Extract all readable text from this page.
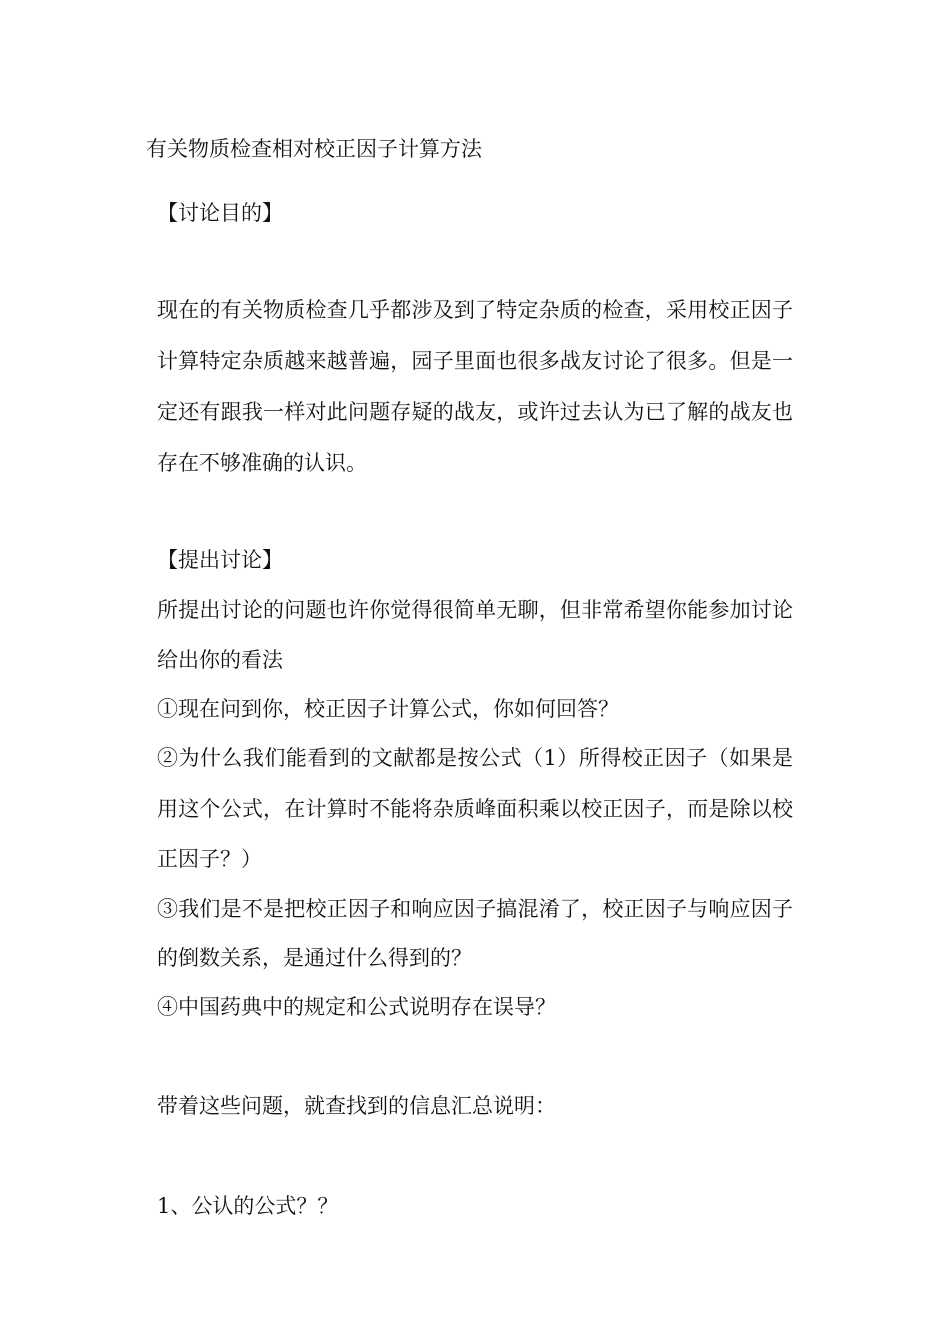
有关物质检查相对校正因子计算方法
【讨论目的】
现在的有关物质检查几乎都涉及到了特定杂质的检查，采用校正因子
计算特定杂质越来越普遍，园子里面也很多战友讨论了很多。但是一
定还有跟我一样对此问题存疑的战友，或许过去认为已了解的战友也
存在不够准确的认识。
【提出讨论】
所提出讨论的问题也许你觉得很简单无聊，但非常希望你能参加讨论
给出你的看法
①现在问到你，校正因子计算公式，你如何回答？
②为什么我们能看到的文献都是按公式（1）所得校正因子（如果是
用这个公式，在计算时不能将杂质峰面积乘以校正因子，而是除以校
正因子？）
③我们是不是把校正因子和响应因子搞混淆了，校正因子与响应因子
的倒数关系，是通过什么得到的？
④中国药典中的规定和公式说明存在误导？
带着这些问题，就查找到的信息汇总说明：
1、公认的公式？？
